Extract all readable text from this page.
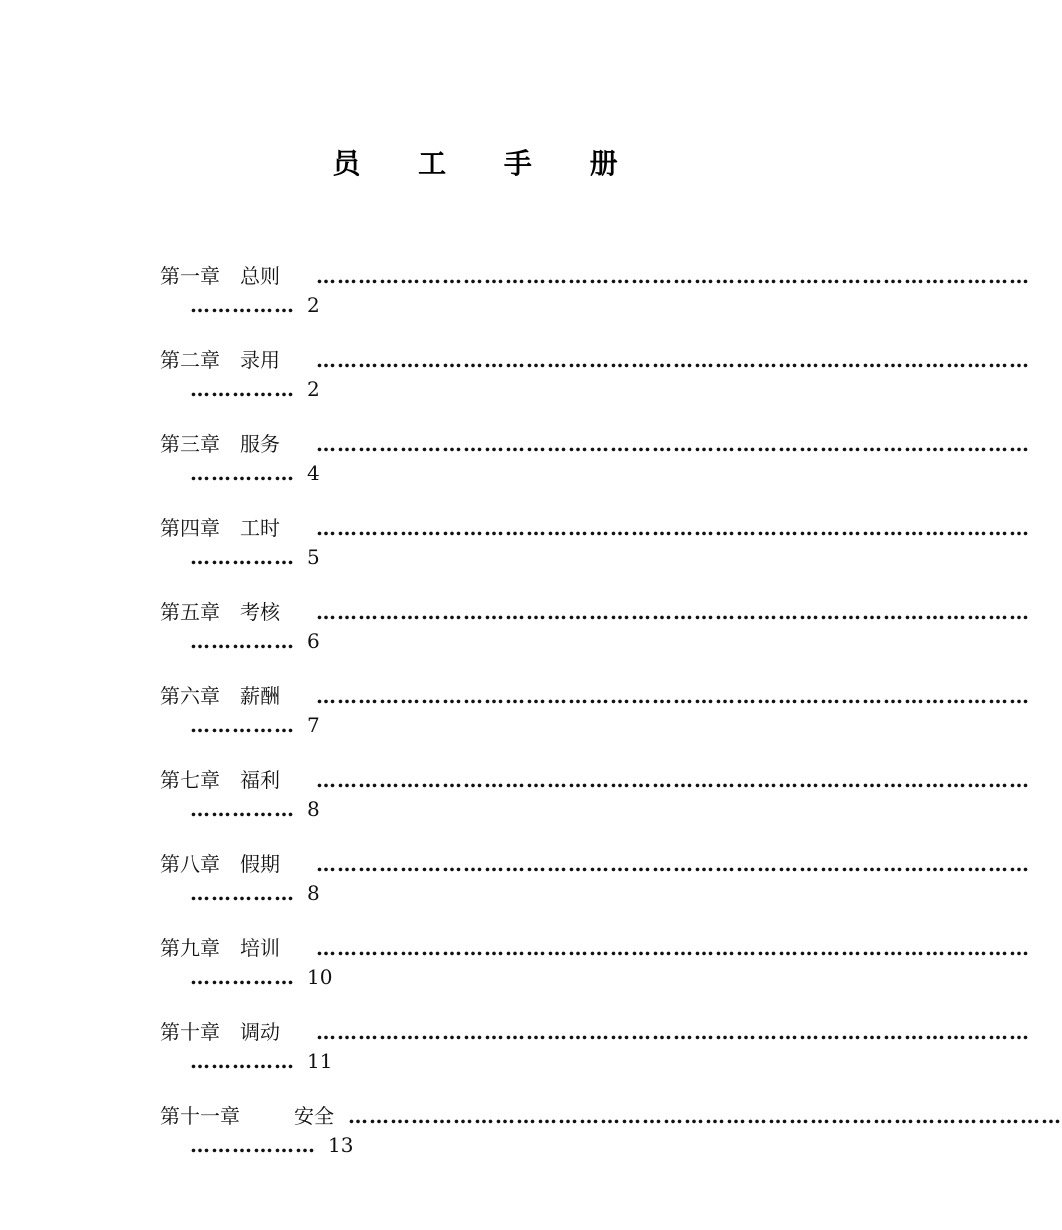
员 工 手 册
第一章 总则 …………………………………………………………………………………………
…………… 2
第二章 录用 …………………………………………………………………………………………
…………… 2
第三章 服务 …………………………………………………………………………………………
…………… 4
第四章 工时 …………………………………………………………………………………………
…………… 5
第五章 考核 …………………………………………………………………………………………
…………… 6
第六章 薪酬 …………………………………………………………………………………………
…………… 7
第七章 福利 …………………………………………………………………………………………
…………… 8
第八章 假期 …………………………………………………………………………………………
…………… 8
第九章 培训 …………………………………………………………………………………………
…………… 10
第十章 调动 …………………………………………………………………………………………
…………… 11
第十一章	安全 …………………………………………………………………………………………
……………… 13
